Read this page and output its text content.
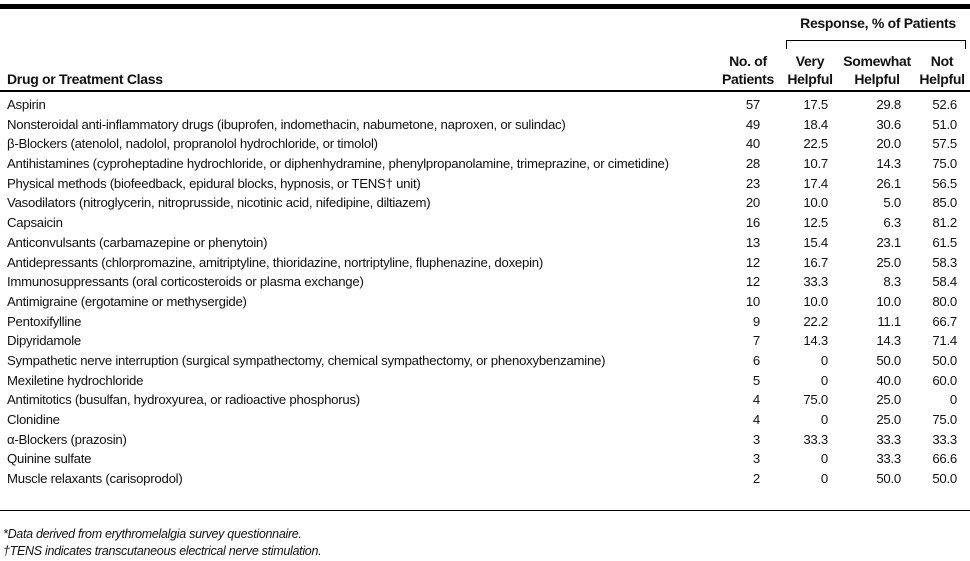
Response, % of Patients
Drug or Treatment Class
No. of
Patients
Very
Helpful
Somewhat
Helpful
Not
Helpful
Aspirin	57	17.5	29.8	52.6
Nonsteroidal anti-inflammatory drugs (ibuprofen, indomethacin, nabumetone, naproxen, or sulindac)	49	18.4	30.6	51.0
β-Blockers (atenolol, nadolol, propranolol hydrochloride, or timolol)	40	22.5	20.0	57.5
Antihistamines (cyproheptadine hydrochloride, or diphenhydramine, phenylpropanolamine, trimeprazine, or cimetidine)	28	10.7	14.3	75.0
Physical methods (biofeedback, epidural blocks, hypnosis, or TENS† unit)	23	17.4	26.1	56.5
Vasodilators (nitroglycerin, nitroprusside, nicotinic acid, nifedipine, diltiazem)	20	10.0	5.0	85.0
Capsaicin	16	12.5	6.3	81.2
Anticonvulsants (carbamazepine or phenytoin)	13	15.4	23.1	61.5
Antidepressants (chlorpromazine, amitriptyline, thioridazine, nortriptyline, fluphenazine, doxepin)	12	16.7	25.0	58.3
Immunosuppressants (oral corticosteroids or plasma exchange)	12	33.3	8.3	58.4
Antimigraine (ergotamine or methysergide)	10	10.0	10.0	80.0
Pentoxifylline	9	22.2	11.1	66.7
Dipyridamole	7	14.3	14.3	71.4
Sympathetic nerve interruption (surgical sympathectomy, chemical sympathectomy, or phenoxybenzamine)	6	0	50.0	50.0
Mexiletine hydrochloride	5	0	40.0	60.0
Antimitotics (busulfan, hydroxyurea, or radioactive phosphorus)	4	75.0	25.0	0
Clonidine	4	0	25.0	75.0
α-Blockers (prazosin)	3	33.3	33.3	33.3
Quinine sulfate	3	0	33.3	66.6
Muscle relaxants (carisoprodol)	2	0	50.0	50.0
*Data derived from erythromelalgia survey questionnaire.
†TENS indicates transcutaneous electrical nerve stimulation.
